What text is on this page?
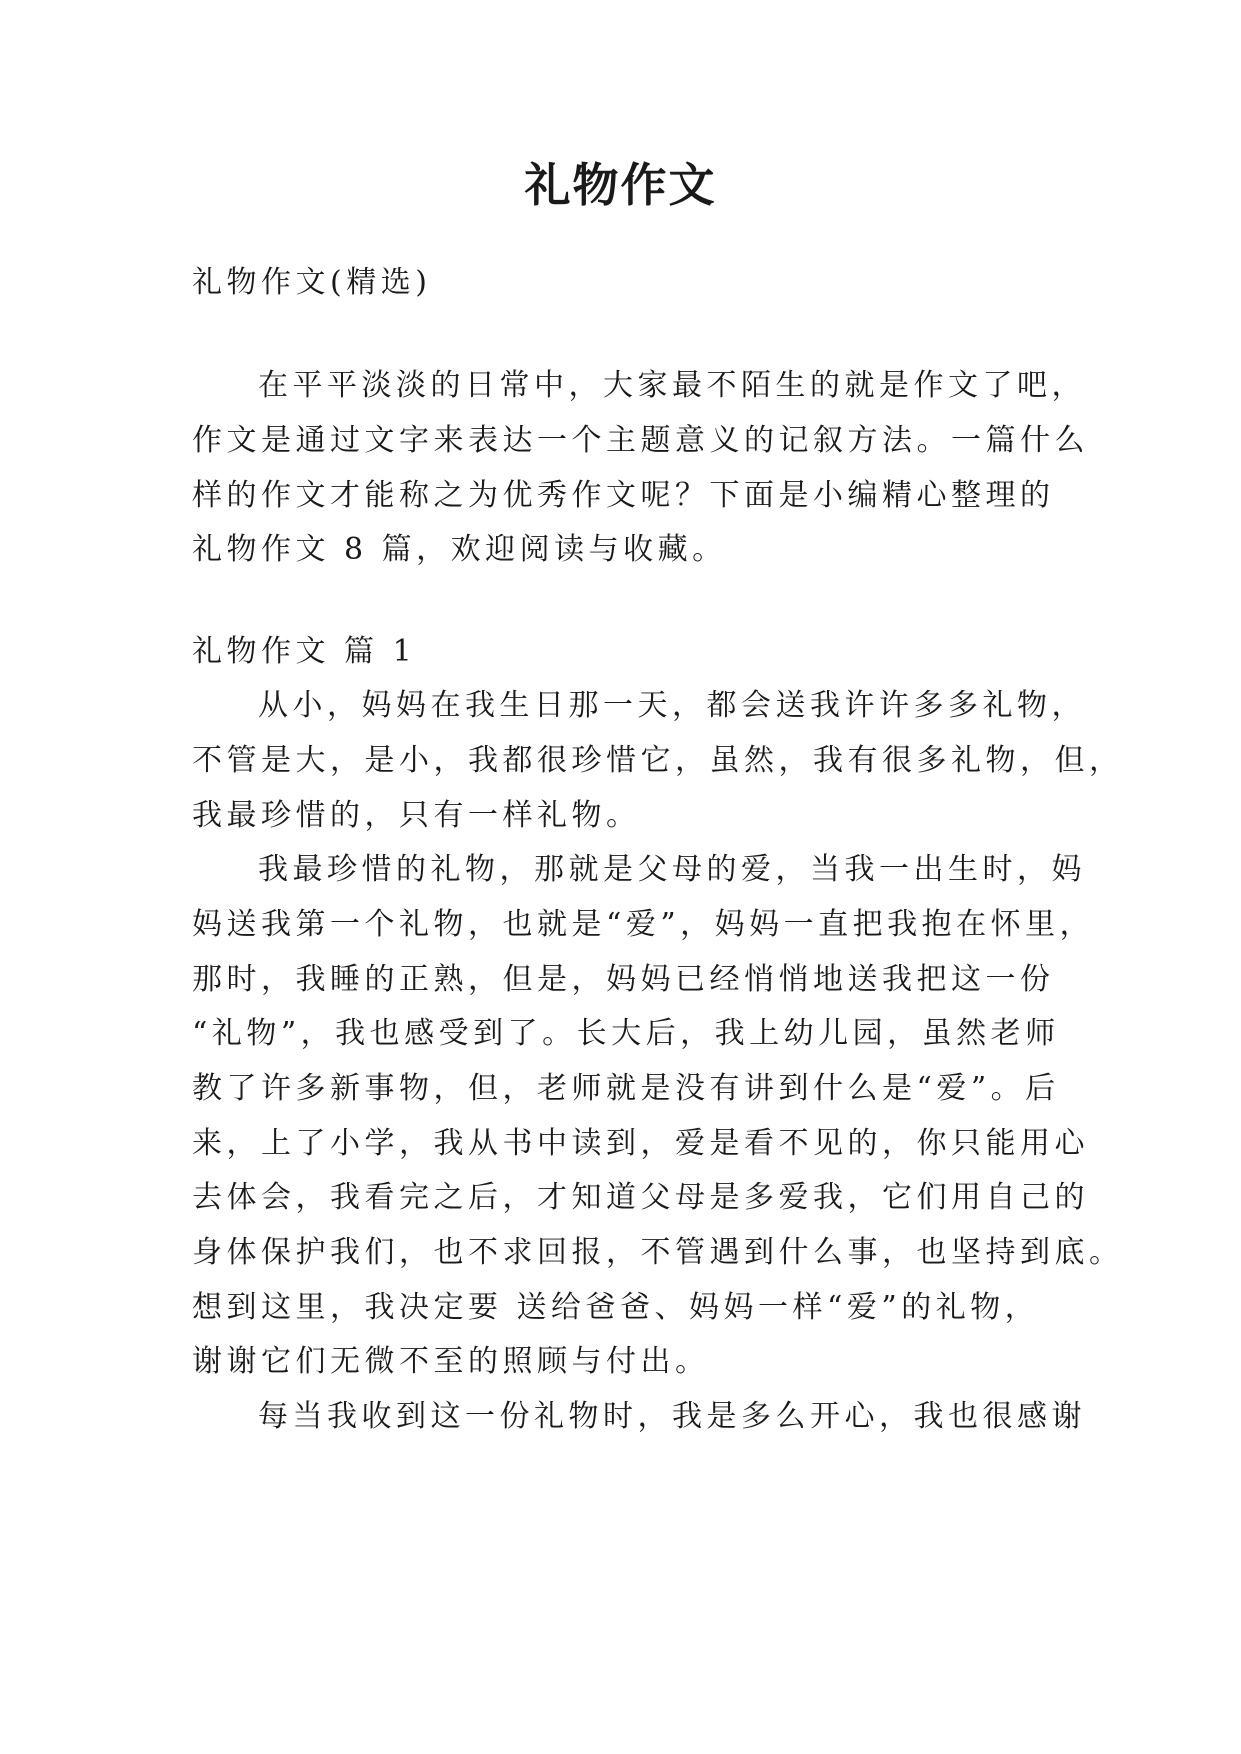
礼物作文

礼物作文(精选)

在平平淡淡的日常中，大家最不陌生的就是作文了吧，

作文是通过文字来表达一个主题意义的记叙方法。一篇什么

样的作文才能称之为优秀作文呢？下面是小编精心整理的

礼物作文 8 篇，欢迎阅读与收藏。

礼物作文 篇 1

从小，妈妈在我生日那一天，都会送我许许多多礼物，

不管是大，是小，我都很珍惜它，虽然，我有很多礼物，但，

我最珍惜的，只有一样礼物。

我最珍惜的礼物，那就是父母的爱，当我一出生时，妈

妈送我第一个礼物，也就是“爱”，妈妈一直把我抱在怀里，

那时，我睡的正熟，但是，妈妈已经悄悄地送我把这一份

“礼物”，我也感受到了。长大后，我上幼儿园，虽然老师

教了许多新事物，但，老师就是没有讲到什么是“爱”。后

来，上了小学，我从书中读到，爱是看不见的，你只能用心

去体会，我看完之后，才知道父母是多爱我，它们用自己的

身体保护我们，也不求回报，不管遇到什么事，也坚持到底。

想到这里，我决定要 送给爸爸、妈妈一样“爱”的礼物，

谢谢它们无微不至的照顾与付出。

每当我收到这一份礼物时，我是多么开心，我也很感谢
